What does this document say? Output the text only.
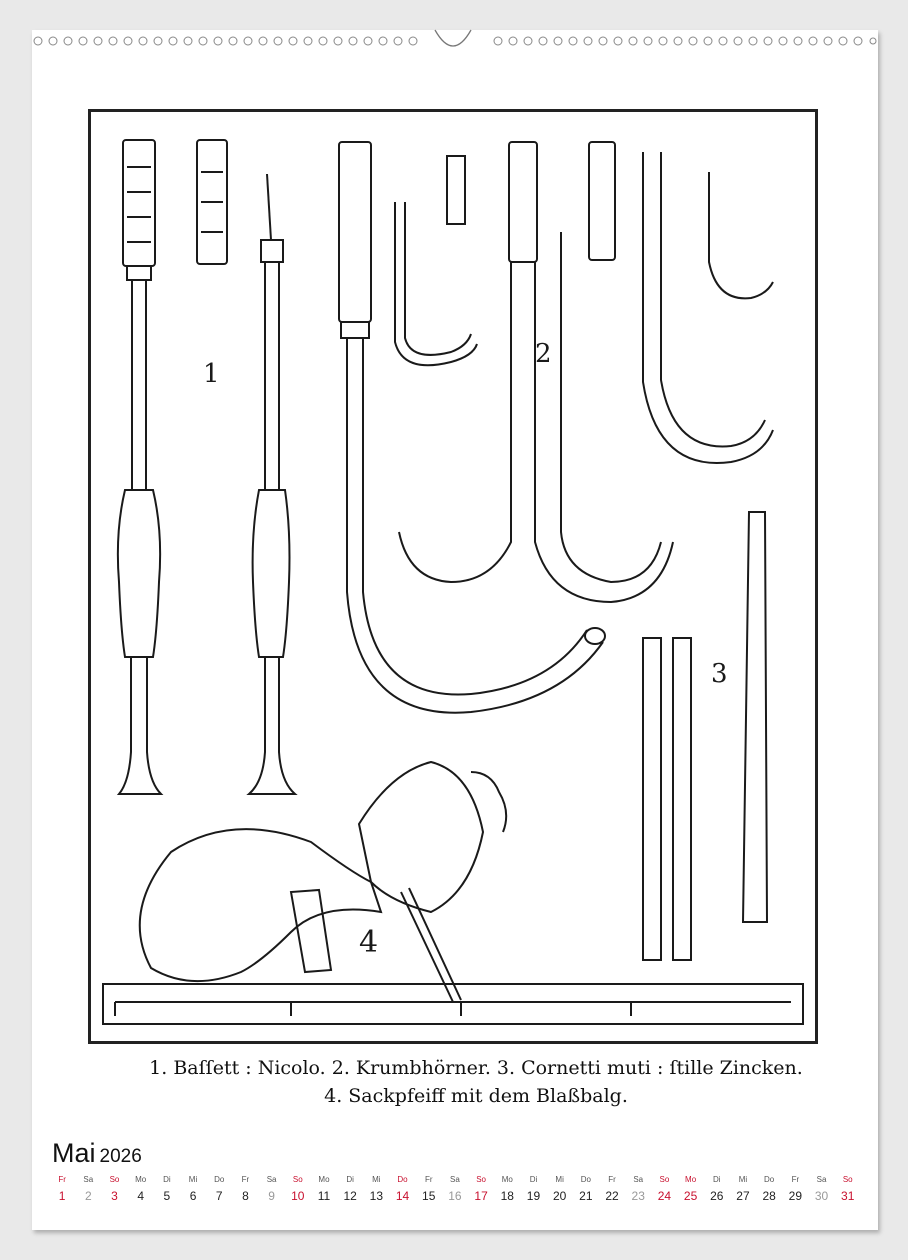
1
2
3
4
1. Baſſett : Nicolo. 2. Krumbhörner. 3. Cornetti muti : ſtille Zincken.
4. Sackpfeiff mit dem Blaßbalg.
Mai 2026
Fr	Sa	So	Mo	Di	Mi	Do	Fr	Sa	So	Mo	Di	Mi	Do	Fr	Sa	So	Mo	Di	Mi	Do	Fr	Sa	So	Mo	Di	Mi	Do	Fr	Sa	So
1	2	3	4	5	6	7	8	9	10	11	12	13	14	15	16	17	18	19	20	21	22	23	24	25	26	27	28	29	30	31
